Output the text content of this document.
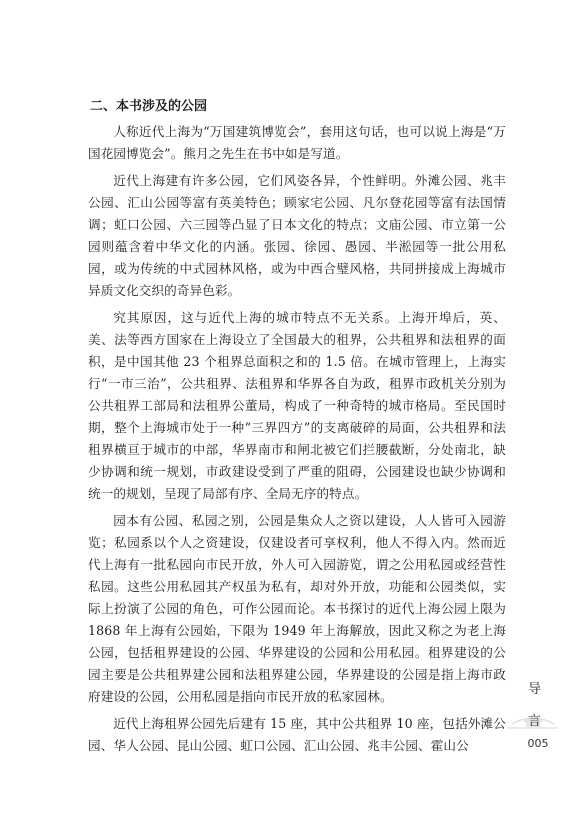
二、本书涉及的公园

人称近代上海为“万国建筑博览会”，套用这句话，也可以说上海是“万国花园博览会”。熊月之先生在书中如是写道。

近代上海建有许多公园，它们风姿各异，个性鲜明。外滩公园、兆丰公园、汇山公园等富有英美特色；顾家宅公园、凡尔登花园等富有法国情调；虹口公园、六三园等凸显了日本文化的特点；文庙公园、市立第一公园则蕴含着中华文化的内涵。张园、徐园、愚园、半淞园等一批公用私园，或为传统的中式园林风格，或为中西合璧风格，共同拼接成上海城市异质文化交织的奇异色彩。

究其原因，这与近代上海的城市特点不无关系。上海开埠后，英、美、法等西方国家在上海设立了全国最大的租界，公共租界和法租界的面积，是中国其他 23 个租界总面积之和的 1.5 倍。在城市管理上，上海实行“一市三治”，公共租界、法租界和华界各自为政，租界市政机关分别为公共租界工部局和法租界公董局，构成了一种奇特的城市格局。至民国时期，整个上海城市处于一种“三界四方”的支离破碎的局面，公共租界和法租界横亘于城市的中部，华界南市和闸北被它们拦腰截断，分处南北，缺少协调和统一规划，市政建设受到了严重的阻碍，公园建设也缺少协调和统一的规划，呈现了局部有序、全局无序的特点。

园本有公园、私园之别，公园是集众人之资以建设，人人皆可入园游览；私园系以个人之资建设，仅建设者可享权利，他人不得入内。然而近代上海有一批私园向市民开放，外人可入园游览，谓之公用私园或经营性私园。这些公用私园其产权虽为私有，却对外开放，功能和公园类似，实际上扮演了公园的角色，可作公园而论。本书探讨的近代上海公园上限为 1868 年上海有公园始，下限为 1949 年上海解放，因此又称之为老上海公园，包括租界建设的公园、华界建设的公园和公用私园。租界建设的公园主要是公共租界建公园和法租界建公园，华界建设的公园是指上海市政府建设的公园，公用私园是指向市民开放的私家园林。

近代上海租界公园先后建有 15 座，其中公共租界 10 座，包括外滩公园、华人公园、昆山公园、虹口公园、汇山公园、兆丰公园、霍山公

导
言
005
